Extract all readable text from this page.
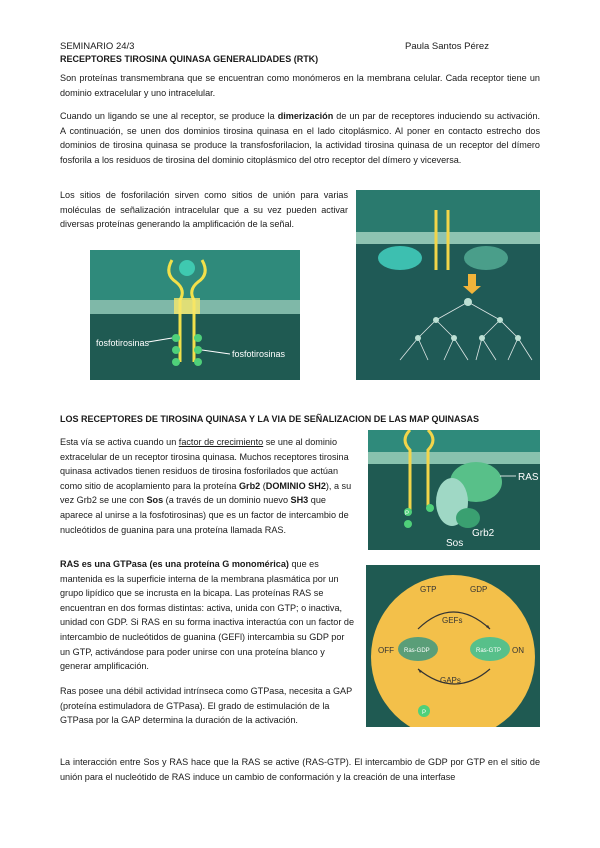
SEMINARIO 24/3	Paula Santos Pérez
RECEPTORES TIROSINA QUINASA GENERALIDADES (RTK)
Son proteínas transmembrana que se encuentran como monómeros en la membrana celular. Cada receptor tiene un dominio extracelular y uno intracelular.
Cuando un ligando se une al receptor, se produce la dimerización de un par de receptores induciendo su activación. A continuación, se unen dos dominios tirosina quinasa en el lado citoplásmico. Al poner en contacto estrecho dos dominios de tirosina quinasa se produce la transfosforilacion, la actividad tirosina quinasa de un receptor del dímero fosforila a los residuos de tirosina del dominio citoplásmico del otro receptor del dímero y viceversa.
Los sitios de fosforilación sirven como sitios de unión para varias moléculas de señalización intracelular que a su vez pueden activar diversas proteínas generando la amplificación de la señal.
fosfotirosinas
fosfotirosinas
LOS RECEPTORES DE TIROSINA QUINASA Y LA VIA DE SEÑALIZACION DE LAS MAP QUINASAS
Esta vía se activa cuando un factor de crecimiento se une al dominio extracelular de un receptor tirosina quinasa. Muchos receptores tirosina quinasa activados tienen residuos de tirosina fosforilados que actúan como sitio de acoplamiento para la proteína Grb2 (DOMINIO SH2), a su vez Grb2 se une con Sos (a través de un dominio nuevo SH3 que aparece al unirse a la fosfotirosinas) que es un factor de intercambio de nucleótidos de guanina para una proteína llamada RAS.
RAS es una GTPasa (es una proteína G monomérica) que es mantenida es la superficie interna de la membrana plasmática por un grupo lipídico que se incrusta en la bicapa. Las proteínas RAS se encuentran en dos formas distintas: activa, unida con GTP; o inactiva, unidad con GDP. Si RAS en su forma inactiva interactúa con un factor de intercambio de nucleótidos de guanina (GEFl) intercambia su GDP por un GTP, activándose para poder unirse con una proteína blanco y generar amplificación.
Ras posee una débil actividad intrínseca como GTPasa, necesita a GAP (proteína estimuladora de GTPasa). El grado de estimulación de la GTPasa por la GAP determina la duración de la activación.
La interacción entre Sos y RAS hace que la RAS se active (RAS-GTP). El intercambio de GDP por GTP en el sitio de unión para el nucleótido de RAS induce un cambio de conformación y la creación de una interfase
P
RAS
Sos
Grb2
GTP	GDP
GEFs
OFF	ON
Ras-GDP	Ras-GTP
GAPs
P
